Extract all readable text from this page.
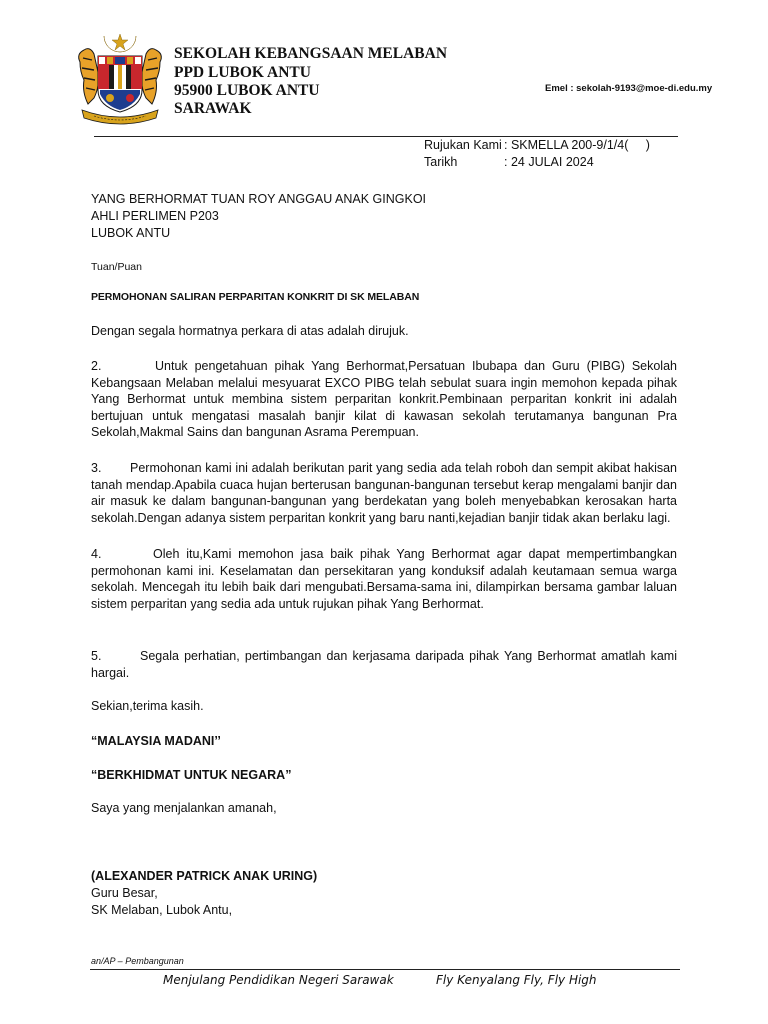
SEKOLAH KEBANGSAAN MELABAN
PPD LUBOK ANTU
95900 LUBOK ANTU
SARAWAK
Emel : sekolah-9193@moe-di.edu.my
Rujukan Kami : SKMELLA 200-9/1/4(     )
Tarikh	: 24 JULAI 2024
YANG BERHORMAT TUAN ROY ANGGAU ANAK GINGKOI
AHLI PERLIMEN P203
LUBOK ANTU
Tuan/Puan
PERMOHONAN SALIRAN PERPARITAN KONKRIT DI SK MELABAN
Dengan segala hormatnya perkara di atas adalah dirujuk.
2.	Untuk pengetahuan pihak Yang Berhormat,Persatuan Ibubapa dan Guru (PIBG) Sekolah Kebangsaan Melaban melalui mesyuarat EXCO PIBG telah sebulat suara ingin memohon kepada pihak Yang Berhormat untuk membina sistem perparitan konkrit.Pembinaan perparitan konkrit ini adalah bertujuan untuk mengatasi masalah banjir kilat di kawasan sekolah terutamanya bangunan Pra Sekolah,Makmal Sains dan bangunan Asrama Perempuan.
3. Permohonan kami ini adalah berikutan parit yang sedia ada telah roboh dan sempit akibat hakisan tanah mendap.Apabila cuaca hujan berterusan bangunan-bangunan tersebut kerap mengalami banjir dan air masuk ke dalam bangunan-bangunan yang berdekatan yang boleh menyebabkan kerosakan harta sekolah.Dengan adanya sistem perparitan konkrit yang baru nanti,kejadian banjir tidak akan berlaku lagi.
4.	Oleh itu,Kami memohon jasa baik pihak Yang Berhormat agar dapat mempertimbangkan permohonan kami ini. Keselamatan dan persekitaran yang konduksif adalah keutamaan semua warga sekolah. Mencegah itu lebih baik dari mengubati.Bersama-sama ini, dilampirkan bersama gambar laluan sistem perparitan yang sedia ada untuk rujukan pihak Yang Berhormat.
5.	Segala perhatian, pertimbangan dan kerjasama daripada pihak Yang Berhormat amatlah kami hargai.
Sekian,terima kasih.
“MALAYSIA MADANI’’
“BERKHIDMAT UNTUK NEGARA”
Saya yang menjalankan amanah,
(ALEXANDER PATRICK ANAK URING)
Guru Besar,
SK Melaban, Lubok Antu,
an/AP – Pembangunan
Menjulang Pendidikan Negeri Sarawak	Fly Kenyalang Fly, Fly High
